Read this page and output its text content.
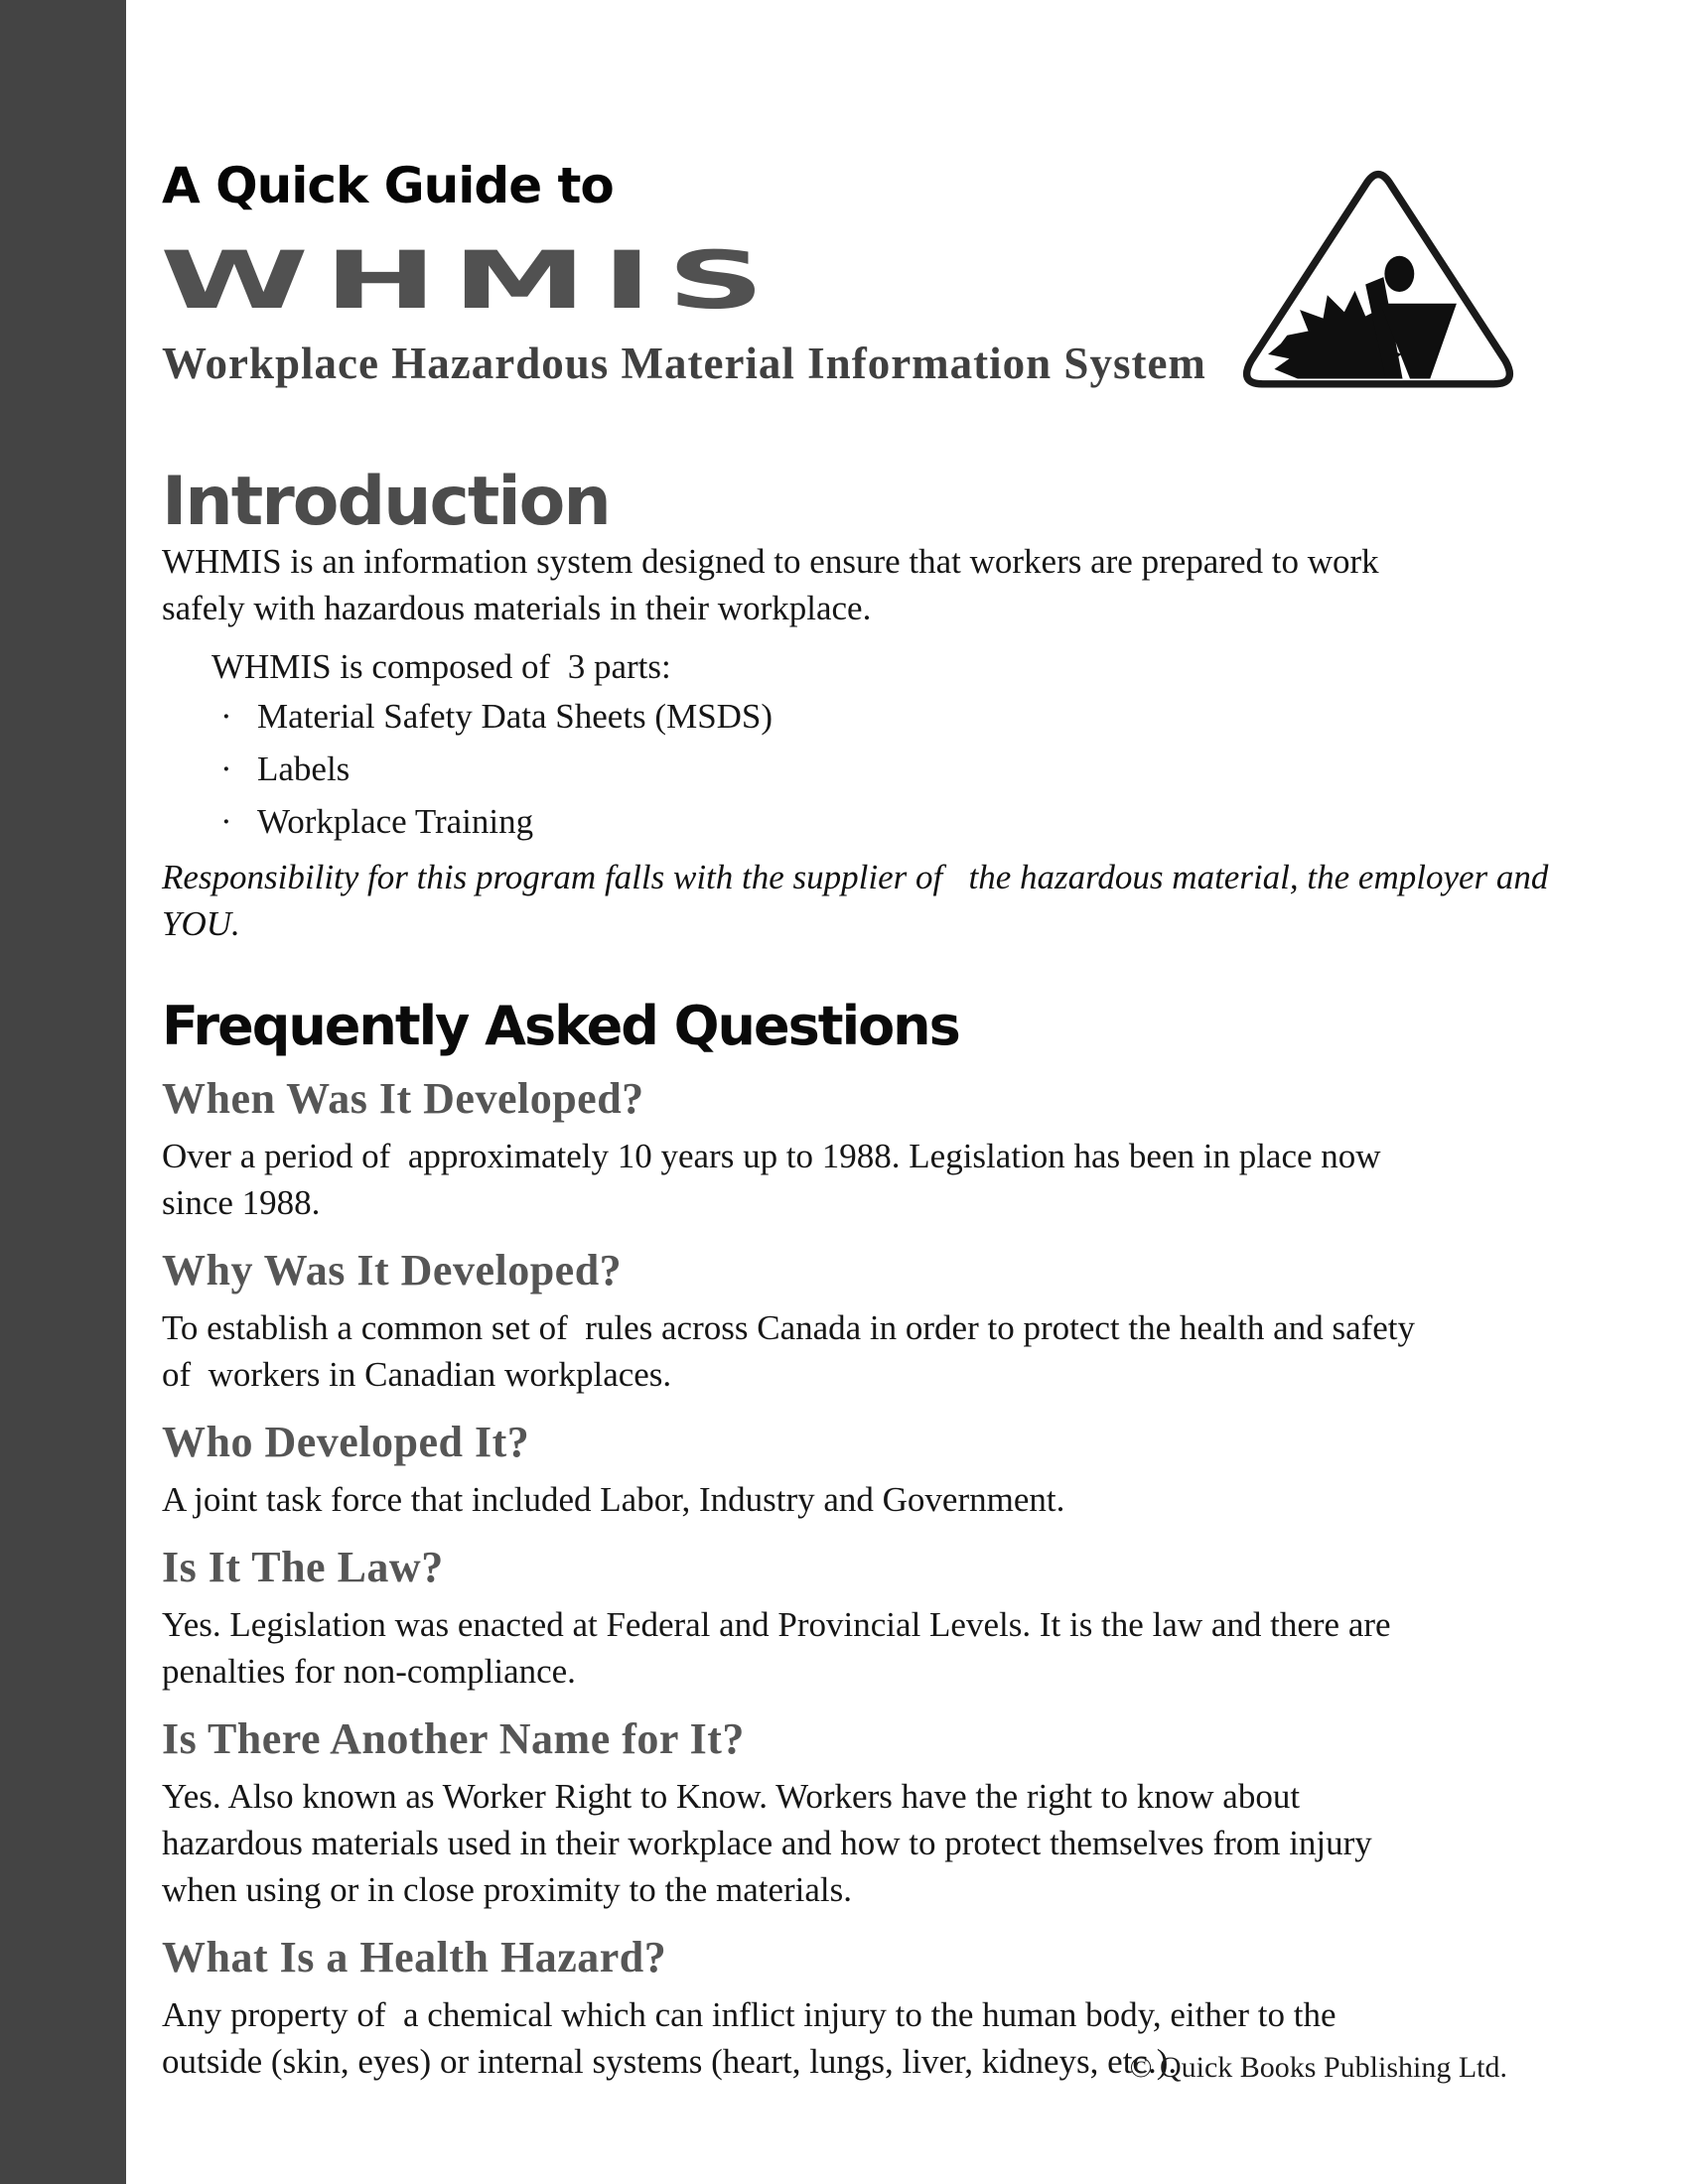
A Quick Guide to
WHMIS
Workplace Hazardous Material Information System
Introduction
WHMIS is an information system designed to ensure that workers are prepared to work
safely with hazardous materials in their workplace.
WHMIS is composed of  3 parts:
· Material Safety Data Sheets (MSDS)
· Labels
· Workplace Training
Responsibility for this program falls with the supplier of   the hazardous material, the employer and YOU.
Frequently Asked Questions
When Was It Developed?
Over a period of  approximately 10 years up to 1988. Legislation has been in place now
since 1988.
Why Was It Developed?
To establish a common set of  rules across Canada in order to protect the health and safety
of  workers in Canadian workplaces.
Who Developed It?
A joint task force that included Labor, Industry and Government.
Is It The Law?
Yes. Legislation was enacted at Federal and Provincial Levels. It is the law and there are
penalties for non-compliance.
Is There Another Name for It?
Yes. Also known as Worker Right to Know. Workers have the right to know about
hazardous materials used in their workplace and how to protect themselves from injury
when using or in close proximity to the materials.
What Is a Health Hazard?
Any property of  a chemical which can inflict injury to the human body, either to the
outside (skin, eyes) or internal systems (heart, lungs, liver, kidneys, etc.).
© Quick Books Publishing Ltd.
